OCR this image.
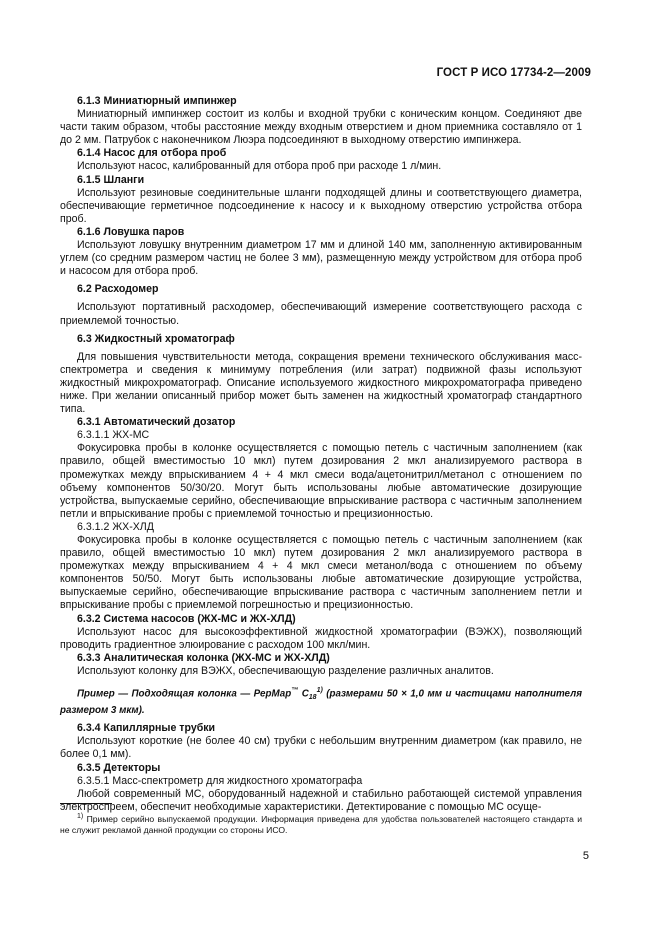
ГОСТ Р ИСО 17734-2—2009

6.1.3 Миниатюрный импинжер

Миниатюрный импинжер состоит из колбы и входной трубки с коническим концом. Соединяют две части таким образом, чтобы расстояние между входным отверстием и дном приемника составляло от 1 до 2 мм. Патрубок с наконечником Люэра подсоединяют в выходному отверстию импинжера.

6.1.4 Насос для отбора проб

Используют насос, калиброванный для отбора проб при расходе 1 л/мин.

6.1.5 Шланги

Используют резиновые соединительные шланги подходящей длины и соответствующего диаметра, обеспечивающие герметичное подсоединение к насосу и к выходному отверстию устройства отбора проб.

6.1.6 Ловушка паров

Используют ловушку внутренним диаметром 17 мм и длиной 140 мм, заполненную активированным углем (со средним размером частиц не более 3 мм), размещенную между устройством для отбора проб и насосом для отбора проб.

6.2 Расходомер

Используют портативный расходомер, обеспечивающий измерение соответствующего расхода с приемлемой точностью.

6.3 Жидкостный хроматограф

Для повышения чувствительности метода, сокращения времени технического обслуживания масс-спектрометра и сведения к минимуму потребления (или затрат) подвижной фазы используют жидкостный микрохроматограф. Описание используемого жидкостного микрохроматографа приведено ниже. При желании описанный прибор может быть заменен на жидкостный хроматограф стандартного типа.

6.3.1 Автоматический дозатор

6.3.1.1 ЖХ-МС

Фокусировка пробы в колонке осуществляется с помощью петель с частичным заполнением (как правило, общей вместимостью 10 мкл) путем дозирования 2 мкл анализируемого раствора в промежутках между впрыскиванием 4 + 4 мкл смеси вода/ацетонитрил/метанол с отношением по объему компонентов 50/30/20. Могут быть использованы любые автоматические дозирующие устройства, выпускаемые серийно, обеспечивающие впрыскивание раствора с частичным заполнением петли и впрыскивание пробы с приемлемой точностью и прецизионностью.

6.3.1.2 ЖХ-ХЛД

Фокусировка пробы в колонке осуществляется с помощью петель с частичным заполнением (как правило, общей вместимостью 10 мкл) путем дозирования 2 мкл анализируемого раствора в промежутках между впрыскиванием 4 + 4 мкл смеси метанол/вода с отношением по объему компонентов 50/50. Могут быть использованы любые автоматические дозирующие устройства, выпускаемые серийно, обеспечивающие впрыскивание раствора с частичным заполнением петли и впрыскивание пробы с приемлемой погрешностью и прецизионностью.

6.3.2 Система насосов (ЖХ-МС и ЖХ-ХЛД)

Используют насос для высокоэффективной жидкостной хроматографии (ВЭЖХ), позволяющий проводить градиентное элюирование с расходом 100 мкл/мин.

6.3.3 Аналитическая колонка (ЖХ-МС и ЖХ-ХЛД)

Используют колонку для ВЭЖХ, обеспечивающую разделение различных аналитов.

Пример — Подходящая колонка — РерМар™ $C_{18}^{1)}$ (размерами 50 × 1,0 мм и частицами наполнителя размером 3 мкм).

6.3.4 Капиллярные трубки

Используют короткие (не более 40 см) трубки с небольшим внутренним диаметром (как правило, не более 0,1 мм).

6.3.5 Детекторы

6.3.5.1 Масс-спектрометр для жидкостного хроматографа

Любой современный МС, оборудованный надежной и стабильно работающей системой управления электроспреем, обеспечит необходимые характеристики. Детектирование с помощью МС осуще-

$^{1)}$ Пример серийно выпускаемой продукции. Информация приведена для удобства пользователей настоящего стандарта и не служит рекламой данной продукции со стороны ИСО.
5
